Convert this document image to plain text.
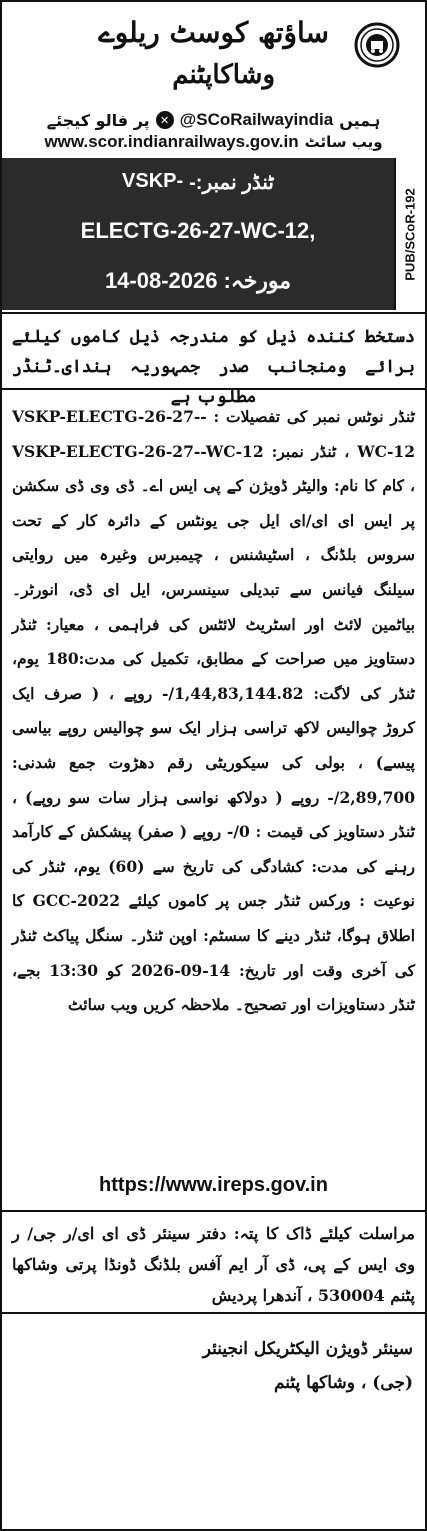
ساؤتھ کوسٹ ریلوے
وشاکاپٹنم
ہمیں
@SCoRailwayindia
✕
پر فالو کیجئے
ویب سائٹ
www.scor.indianrailways.gov.in
ٹنڈر نمبر:-
VSKP-
ELECTG-26-27-WC-12,
مورخہ:
14-08-2026
PUB/SCoR-192
دستخط کنندہ ذیل کو مندرجہ ذیل کاموں کیلئے برائے ومنجانب صدر جمہوریہ ہندای۔ٹنڈر مطلوب ہے
ٹنڈر نوٹس نمبر کی تفصیلات : VSKP-ELECTG-26-27--WC-12 ، ٹنڈر نمبر: VSKP-ELECTG-26-27--WC-12 ، کام کا نام: والیٹر ڈویژن کے پی ایس اے۔ ڈی وی ڈی سکشن پر ایس ای ای/ای ایل جی یونٹس کے دائرہ کار کے تحت سروس بلڈنگ ، اسٹیشنس ، چیمبرس وغیرہ میں روایتی سیلنگ فیانس سے تبدیلی سینسرس، ایل ای ڈی، انورٹر۔ بیاٹمین لائٹ اور اسٹریٹ لائٹس کی فراہمی ، معیار: ٹنڈر دستاویز میں صراحت کے مطابق، تکمیل کی مدت:180 یوم، ٹنڈر کی لاگت: 1,44,83,144.82/- روپے ، ( صرف ایک کروڑ چوالیس لاکھ تراسی ہزار ایک سو چوالیس روپے بیاسی پیسے) ، بولی کی سیکوریٹی رقم دھڑوت جمع شدنی: 2,89,700/- روپے ( دولاکھ نواسی ہزار سات سو روپے) ، ٹنڈر دستاویز کی قیمت : 0/- روپے ( صفر) پیشکش کے کارآمد رہنے کی مدت: کشادگی کی تاریخ سے (60) یوم، ٹنڈر کی نوعیت : ورکس ٹنڈر جس پر کاموں کیلئے GCC-2022 کا اطلاق ہوگا، ٹنڈر دینے کا سسٹم: اوپن ٹنڈر۔ سنگل پیاکٹ ٹنڈر کی آخری وقت اور تاریخ: 14-09-2026 کو 13:30 بجے، ٹنڈر دستاویزات اور تصحیح۔ ملاحظہ کریں ویب سائٹ
https://www.ireps.gov.in
مراسلت کیلئے ڈاک کا پتہ: دفتر سینئر ڈی ای ای/ر جی/ ر وی ایس کے پی، ڈی آر ایم آفس بلڈنگ ڈونڈا پرتی وشاکھا پٹنم 530004 ، آندھرا پردیش
سینئر ڈویژن الیکٹریکل انجینئر
(جی) ، وشاکھا پٹنم
